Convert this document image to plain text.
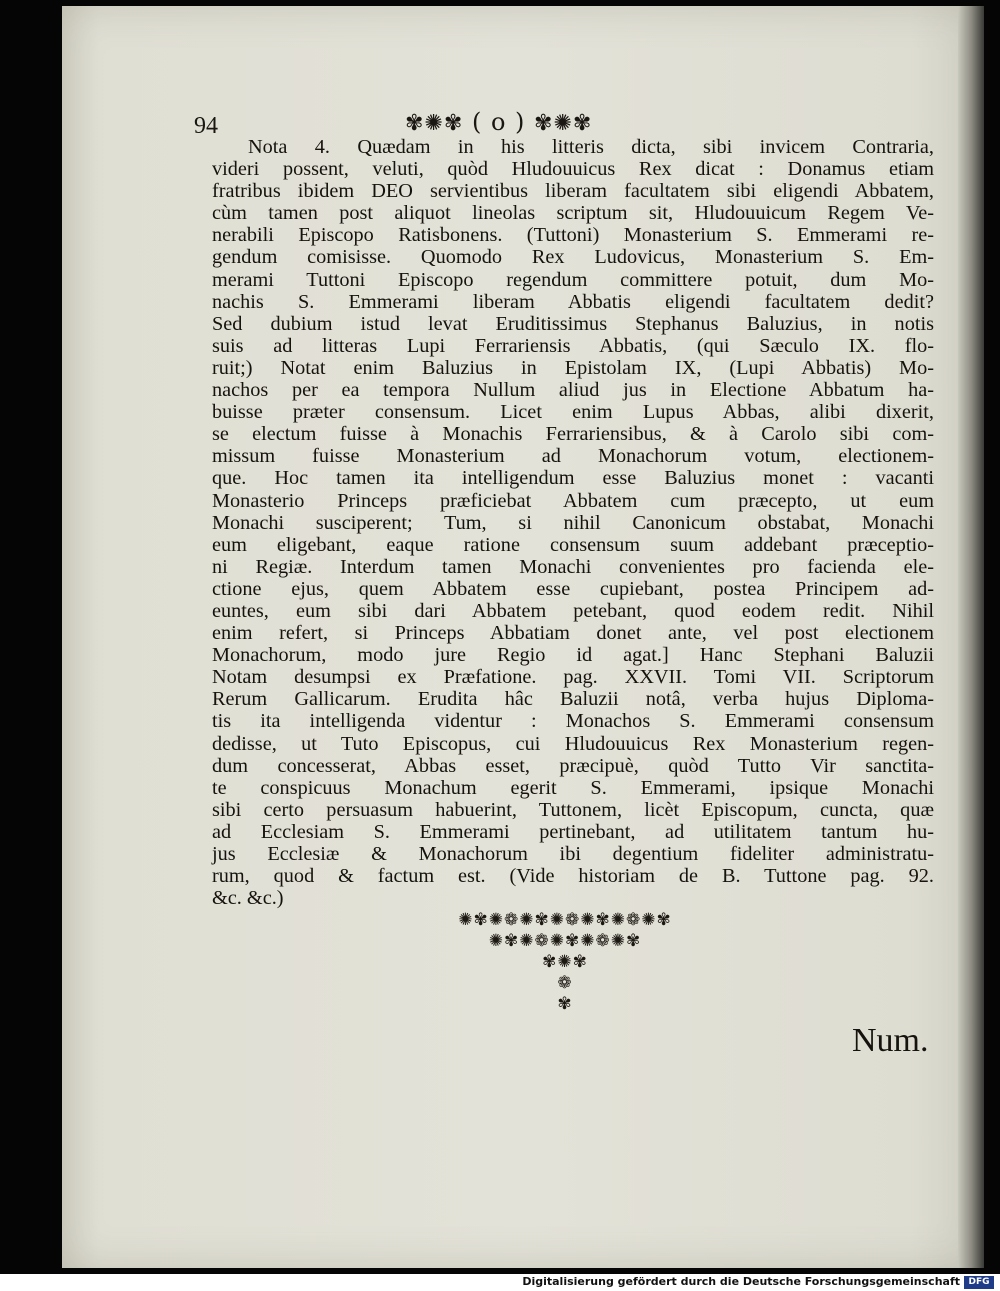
94	✾✺✾ ( o ) ✾✺✾
Nota 4. Quædam in his litteris dicta, sibi invicem Contraria,
videri possent, veluti, quòd Hludouuicus Rex dicat : Donamus etiam
fratribus ibidem DEO servientibus liberam facultatem sibi eligendi Abbatem,
cùm tamen post aliquot lineolas scriptum sit, Hludouuicum Regem Ve-
nerabili Episcopo Ratisbonens. (Tuttoni) Monasterium S. Emmerami re-
gendum comisisse. Quomodo Rex Ludovicus, Monasterium S. Em-
merami Tuttoni Episcopo regendum committere potuit, dum Mo-
nachis S. Emmerami liberam Abbatis eligendi facultatem dedit?
Sed dubium istud levat Eruditissimus Stephanus Baluzius, in notis
suis ad litteras Lupi Ferrariensis Abbatis, (qui Sæculo IX. flo-
ruit;) Notat enim Baluzius in Epistolam IX, (Lupi Abbatis) Mo-
nachos per ea tempora Nullum aliud jus in Electione Abbatum ha-
buisse præter consensum. Licet enim Lupus Abbas, alibi dixerit,
se electum fuisse à Monachis Ferrariensibus, & à Carolo sibi com-
missum fuisse Monasterium ad Monachorum votum, electionem-
que. Hoc tamen ita intelligendum esse Baluzius monet : vacanti
Monasterio Princeps præficiebat Abbatem cum præcepto, ut eum
Monachi susciperent; Tum, si nihil Canonicum obstabat, Monachi
eum eligebant, eaque ratione consensum suum addebant præceptio-
ni Regiæ. Interdum tamen Monachi convenientes pro facienda ele-
ctione ejus, quem Abbatem esse cupiebant, postea Principem ad-
euntes, eum sibi dari Abbatem petebant, quod eodem redit. Nihil
enim refert, si Princeps Abbatiam donet ante, vel post electionem
Monachorum, modo jure Regio id agat.] Hanc Stephani Baluzii
Notam desumpsi ex Præfatione. pag. XXVII. Tomi VII. Scriptorum
Rerum Gallicarum. Erudita hâc Baluzii notâ, verba hujus Diploma-
tis ita intelligenda videntur : Monachos S. Emmerami consensum
dedisse, ut Tuto Episcopus, cui Hludouuicus Rex Monasterium regen-
dum concesserat, Abbas esset, præcipuè, quòd Tutto Vir sanctita-
te conspicuus Monachum egerit S. Emmerami, ipsique Monachi
sibi certo persuasum habuerint, Tuttonem, licèt Episcopum, cuncta, quæ
ad Ecclesiam S. Emmerami pertinebant, ad utilitatem tantum hu-
jus Ecclesiæ & Monachorum ibi degentium fideliter administratu-
rum, quod & factum est. (Vide historiam de B. Tuttone pag. 92.
&c. &c.)
✺✾✺❁✺✾✺❁✺✾✺❁✺✾
✺✾✺❁✺✾✺❁✺✾
✾✺✾
❁
✾
Num.
Digitalisierung gefördert durch die Deutsche Forschungsgemeinschaft DFG
